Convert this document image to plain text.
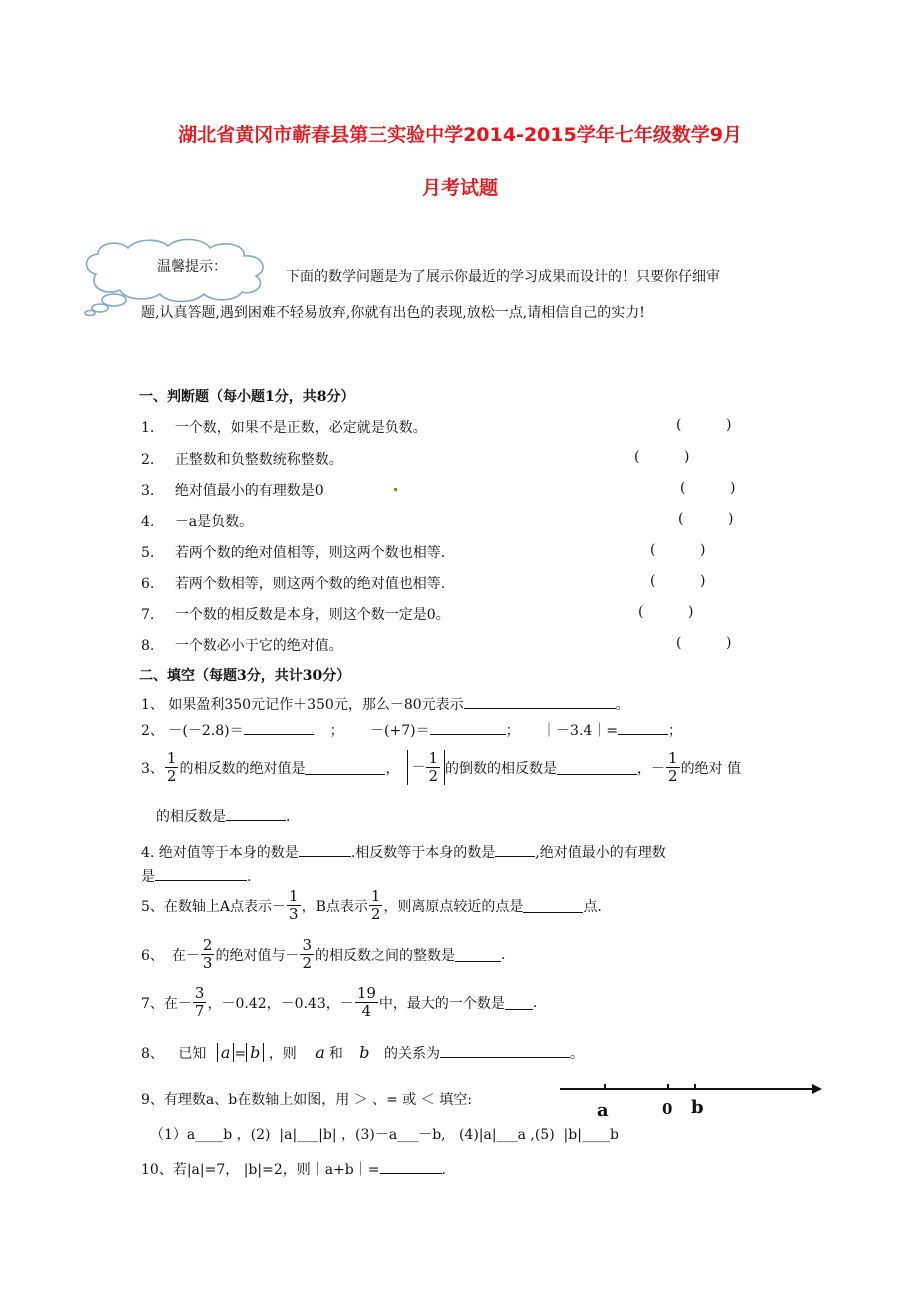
湖北省黄冈市蕲春县第三实验中学2014-2015学年七年级数学9月
月考试题
温馨提示：
下面的数学问题是为了展示你最近的学习成果而设计的！只要你仔细审
题,认真答题,遇到困难不轻易放弃,你就有出色的表现,放松一点,请相信自己的实力!
一、判断题（每小题1分，共8分）
1. 一个数，如果不是正数，必定就是负数。	(          )
2. 正整数和负整数统称整数。	(          )
3. 绝对值最小的有理数是0	(          )
4. －a是负数。	(          )
5. 若两个数的绝对值相等，则这两个数也相等.	(          )
6. 若两个数相等，则这两个数的绝对值也相等.	(          )
7. 一个数的相反数是本身，则这个数一定是0。	(          )
8. 一个数必小于它的绝对值。	(          )
二、填空（每题3分，共计30分）
1、 如果盈利350元记作＋350元，那么－80元表示	。
2、 －(－2.8)＝	； －(+7)＝	； ｜－3.4｜=	；
3、 $\frac{1}{2}$ 的相反数的绝对值是	， － $\frac{1}{2}$ 的倒数的相反数是	，－ $\frac{1}{2}$ 的绝对 值
的相反数是	.
4. 绝对值等于本身的数是	.相反数等于本身的数是	,绝对值最小的有理数
是	.
5、 在数轴上A点表示－ $\frac{1}{3}$ ，B点表示 $\frac{1}{2}$ ，则离原点较近的点是	点.
6、 在－ $\frac{2}{3}$ 的绝对值与－ $\frac{3}{2}$ 的相反数之间的整数是	.
7、 在－ $\frac{3}{7}$ ，－0.42，－0.43，－ $\frac{19}{4}$ 中，最大的一个数是 .
8、 已知 a = b ，则 a 和 b 的关系为	。
9、有理数a、b在数轴上如图，用 ＞ 、= 或 ＜ 填空:	a	0 b
（1）a____b ，(2)  |a|___|b| ，(3)－a___－b,   (4)|a|___a ,(5)  |b|____b
10、若|a|=7， |b|=2，则｜a+b｜=	.
